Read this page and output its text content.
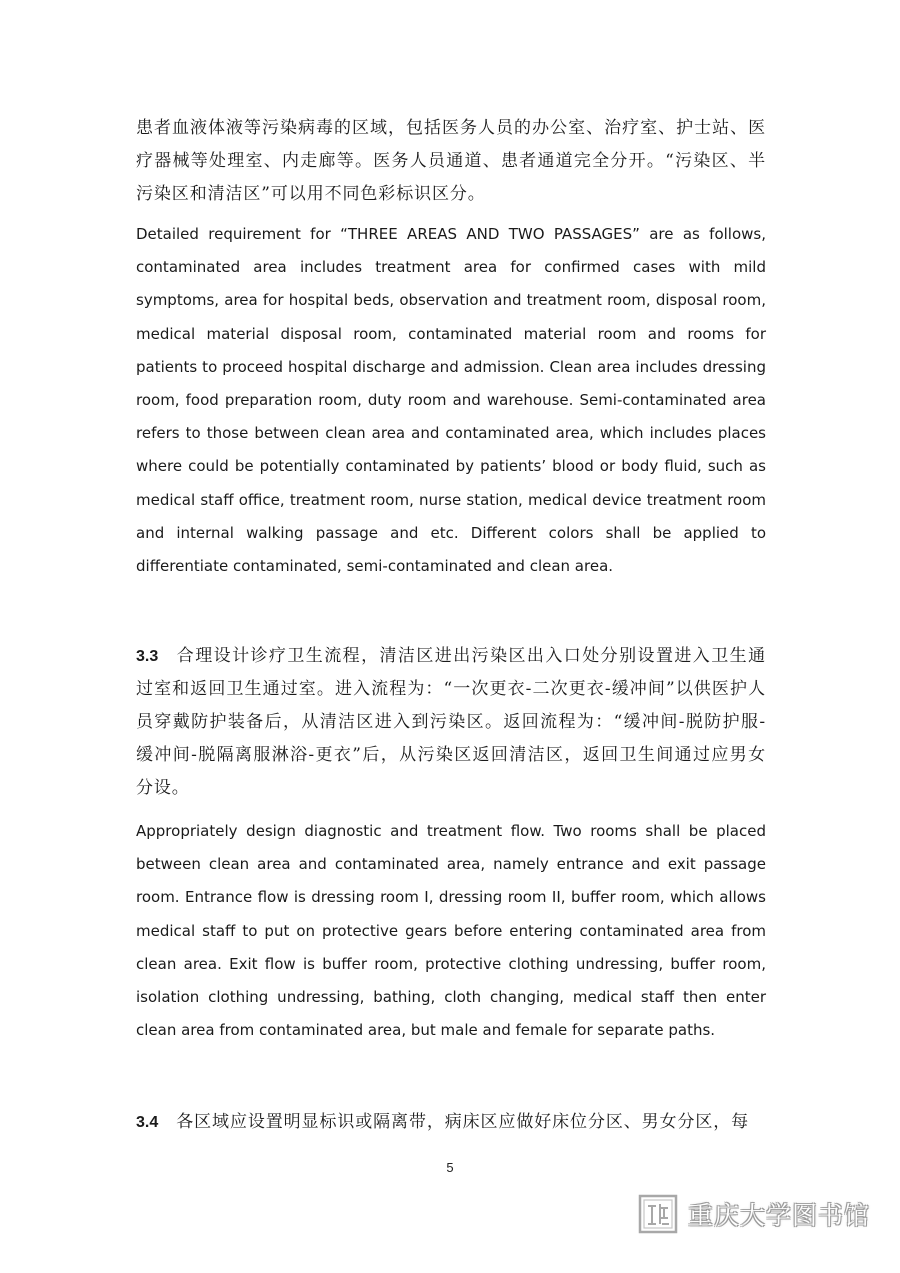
患者血液体液等污染病毒的区域，包括医务人员的办公室、治疗室、护士站、医疗器械等处理室、内走廊等。医务人员通道、患者通道完全分开。“污染区、半污染区和清洁区”可以用不同色彩标识区分。

Detailed requirement for “THREE AREAS AND TWO PASSAGES” are as follows, contaminated area includes treatment area for confirmed cases with mild symptoms, area for hospital beds, observation and treatment room, disposal room, medical material disposal room, contaminated material room and rooms for patients to proceed hospital discharge and admission. Clean area includes dressing room, food preparation room, duty room and warehouse. Semi-contaminated area refers to those between clean area and contaminated area, which includes places where could be potentially contaminated by patients’ blood or body fluid, such as medical staff office, treatment room, nurse station, medical device treatment room and internal walking passage and etc. Different colors shall be applied to differentiate contaminated, semi-contaminated and clean area.

3.3 合理设计诊疗卫生流程，清洁区进出污染区出入口处分别设置进入卫生通过室和返回卫生通过室。进入流程为：“一次更衣-二次更衣-缓冲间”以供医护人员穿戴防护装备后，从清洁区进入到污染区。返回流程为：“缓冲间-脱防护服-缓冲间-脱隔离服淋浴-更衣”后，从污染区返回清洁区，返回卫生间通过应男女分设。

Appropriately design diagnostic and treatment flow. Two rooms shall be placed between clean area and contaminated area, namely entrance and exit passage room. Entrance flow is dressing room I, dressing room II, buffer room, which allows medical staff to put on protective gears before entering contaminated area from clean area. Exit flow is buffer room, protective clothing undressing, buffer room, isolation clothing undressing, bathing, cloth changing, medical staff then enter clean area from contaminated area, but male and female for separate paths.

3.4 各区域应设置明显标识或隔离带，病床区应做好床位分区、男女分区，每

5
重庆大学图书馆
